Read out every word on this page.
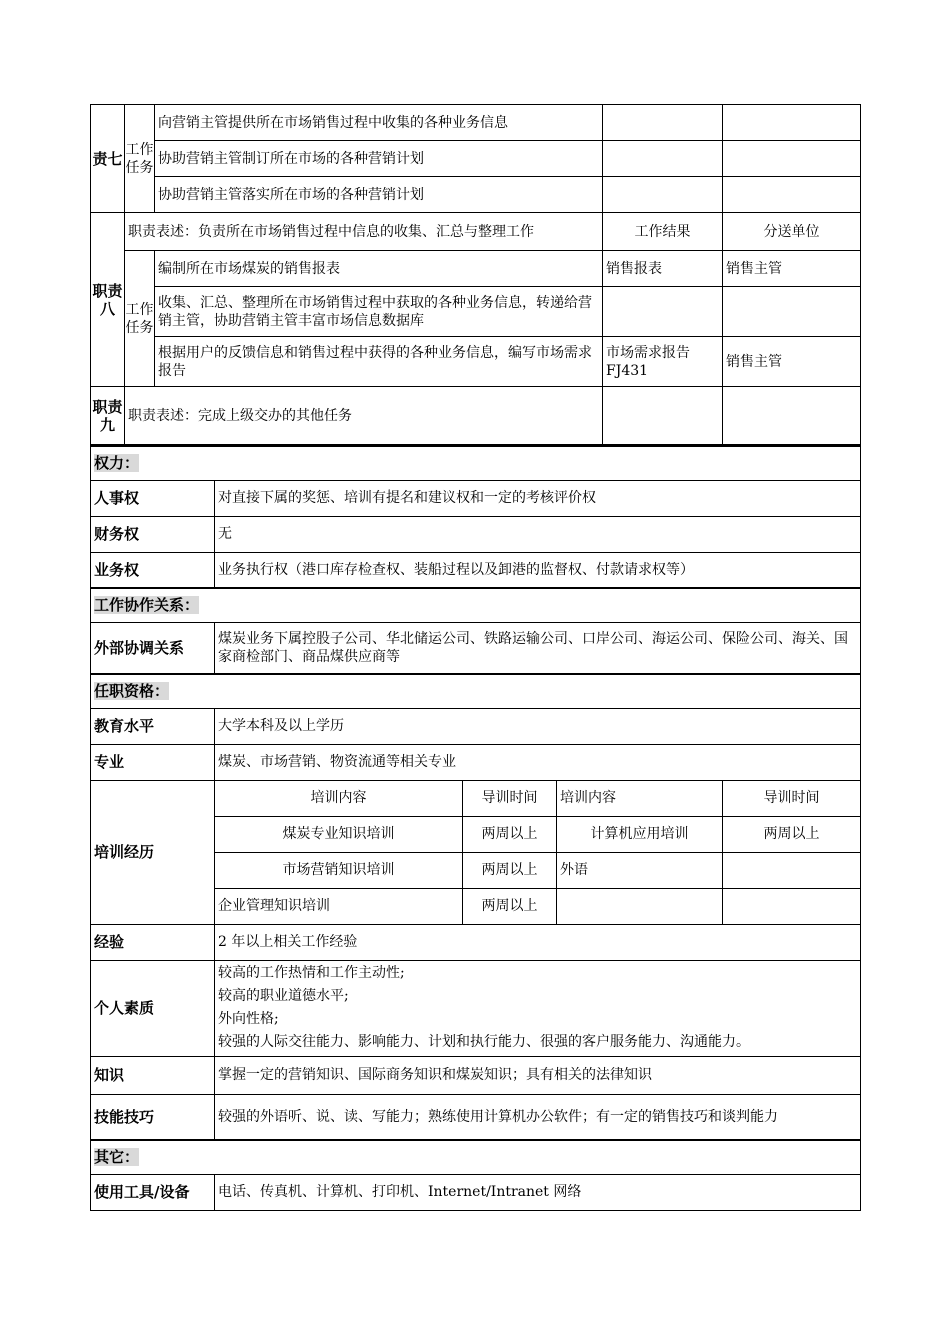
责七	工作任务	向营销主管提供所在市场销售过程中收集的各种业务信息		
		协助营销主管制订所在市场的各种营销计划		
		协助营销主管落实所在市场的各种营销计划		
职责八	职责表述：负责所在市场销售过程中信息的收集、汇总与整理工作		工作结果	分送单位
	工作任务	编制所在市场煤炭的销售报表	销售报表	销售主管
		收集、汇总、整理所在市场销售过程中获取的各种业务信息，转递给营销主管，协助营销主管丰富市场信息数据库		
		根据用户的反馈信息和销售过程中获得的各种业务信息，编写市场需求报告	市场需求报告 FJ431	销售主管
职责九	职责表述：完成上级交办的其他任务			
权力：				
人事权	对直接下属的奖惩、培训有提名和建议权和一定的考核评价权			
财务权	无			
业务权	业务执行权（港口库存检查权、装船过程以及卸港的监督权、付款请求权等）			
工作协作关系：				
外部协调关系	煤炭业务下属控股子公司、华北储运公司、铁路运输公司、口岸公司、海运公司、保险公司、海关、国家商检部门、商品煤供应商等			
任职资格：				
教育水平	大学本科及以上学历			
专业	煤炭、市场营销、物资流通等相关专业			
培训经历	培训内容	导训时间	培训内容	导训时间
	煤炭专业知识培训	两周以上	计算机应用培训	两周以上
	市场营销知识培训	两周以上	外语	
	企业管理知识培训	两周以上		
经验	2 年以上相关工作经验			
个人素质	较高的工作热情和工作主动性;
较高的职业道德水平;
外向性格;
较强的人际交往能力、影响能力、计划和执行能力、很强的客户服务能力、沟通能力。			

知识	掌握一定的营销知识、国际商务知识和煤炭知识；具有相关的法律知识			
技能技巧	较强的外语听、说、读、写能力；熟练使用计算机办公软件；有一定的销售技巧和谈判能力			
其它：				
使用工具/设备	电话、传真机、计算机、打印机、Internet/Intranet 网络			
